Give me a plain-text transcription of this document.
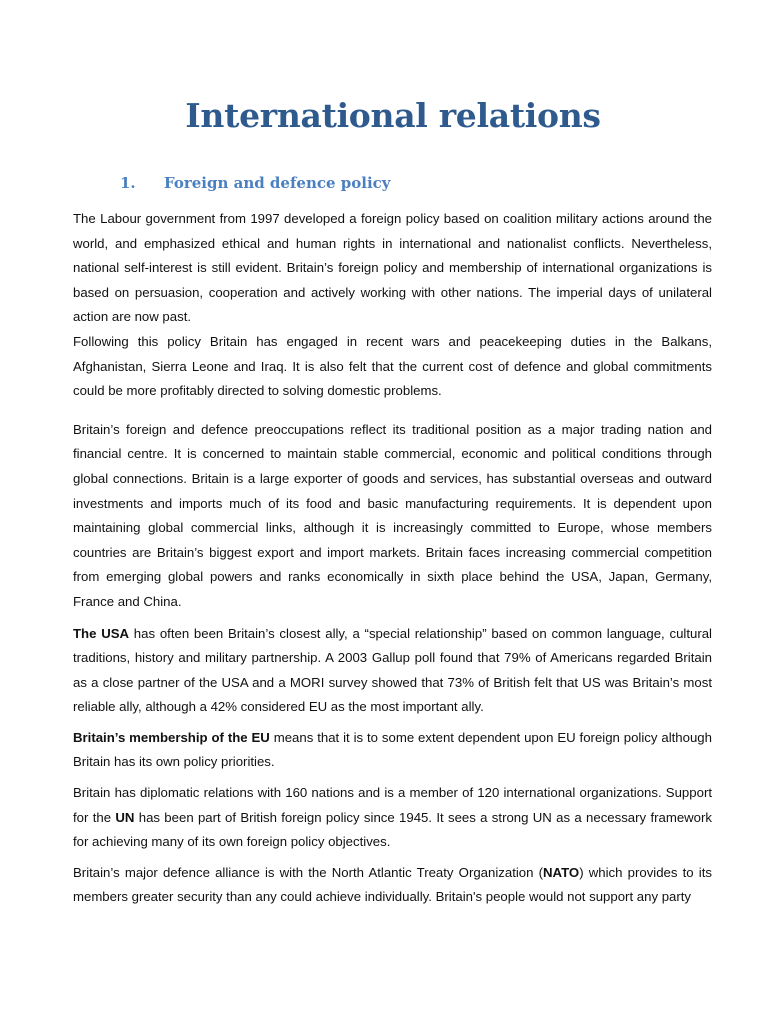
International relations
1. Foreign and defence policy

The Labour government from 1997 developed a foreign policy based on coalition military actions around the world, and emphasized ethical and human rights in international and nationalist conflicts. Nevertheless, national self-interest is still evident. Britain’s foreign policy and membership of international organizations is based on persuasion, cooperation and actively working with other nations. The imperial days of unilateral action are now past.

Following this policy Britain has engaged in recent wars and peacekeeping duties in the Balkans, Afghanistan, Sierra Leone and Iraq. It is also felt that the current cost of defence and global commitments could be more profitably directed to solving domestic problems.

Britain’s foreign and defence preoccupations reflect its traditional position as a major trading nation and financial centre. It is concerned to maintain stable commercial, economic and political conditions through global connections. Britain is a large exporter of goods and services, has substantial overseas and outward investments and imports much of its food and basic manufacturing requirements. It is dependent upon maintaining global commercial links, although it is increasingly committed to Europe, whose members countries are Britain’s biggest export and import markets. Britain faces increasing commercial competition from emerging global powers and ranks economically in sixth place behind the USA, Japan, Germany, France and China.

The USA has often been Britain’s closest ally, a “special relationship” based on common language, cultural traditions, history and military partnership. A 2003 Gallup poll found that 79% of Americans regarded Britain as a close partner of the USA and a MORI survey showed that 73% of British felt that US was Britain’s most reliable ally, although a 42% considered EU as the most important ally.

Britain’s membership of the EU means that it is to some extent dependent upon EU foreign policy although Britain has its own policy priorities.

Britain has diplomatic relations with 160 nations and is a member of 120 international organizations. Support for the UN has been part of British foreign policy since 1945. It sees a strong UN as a necessary framework for achieving many of its own foreign policy objectives.

Britain’s major defence alliance is with the North Atlantic Treaty Organization (NATO) which provides to its members greater security than any could achieve individually. Britain's people would not support any party
